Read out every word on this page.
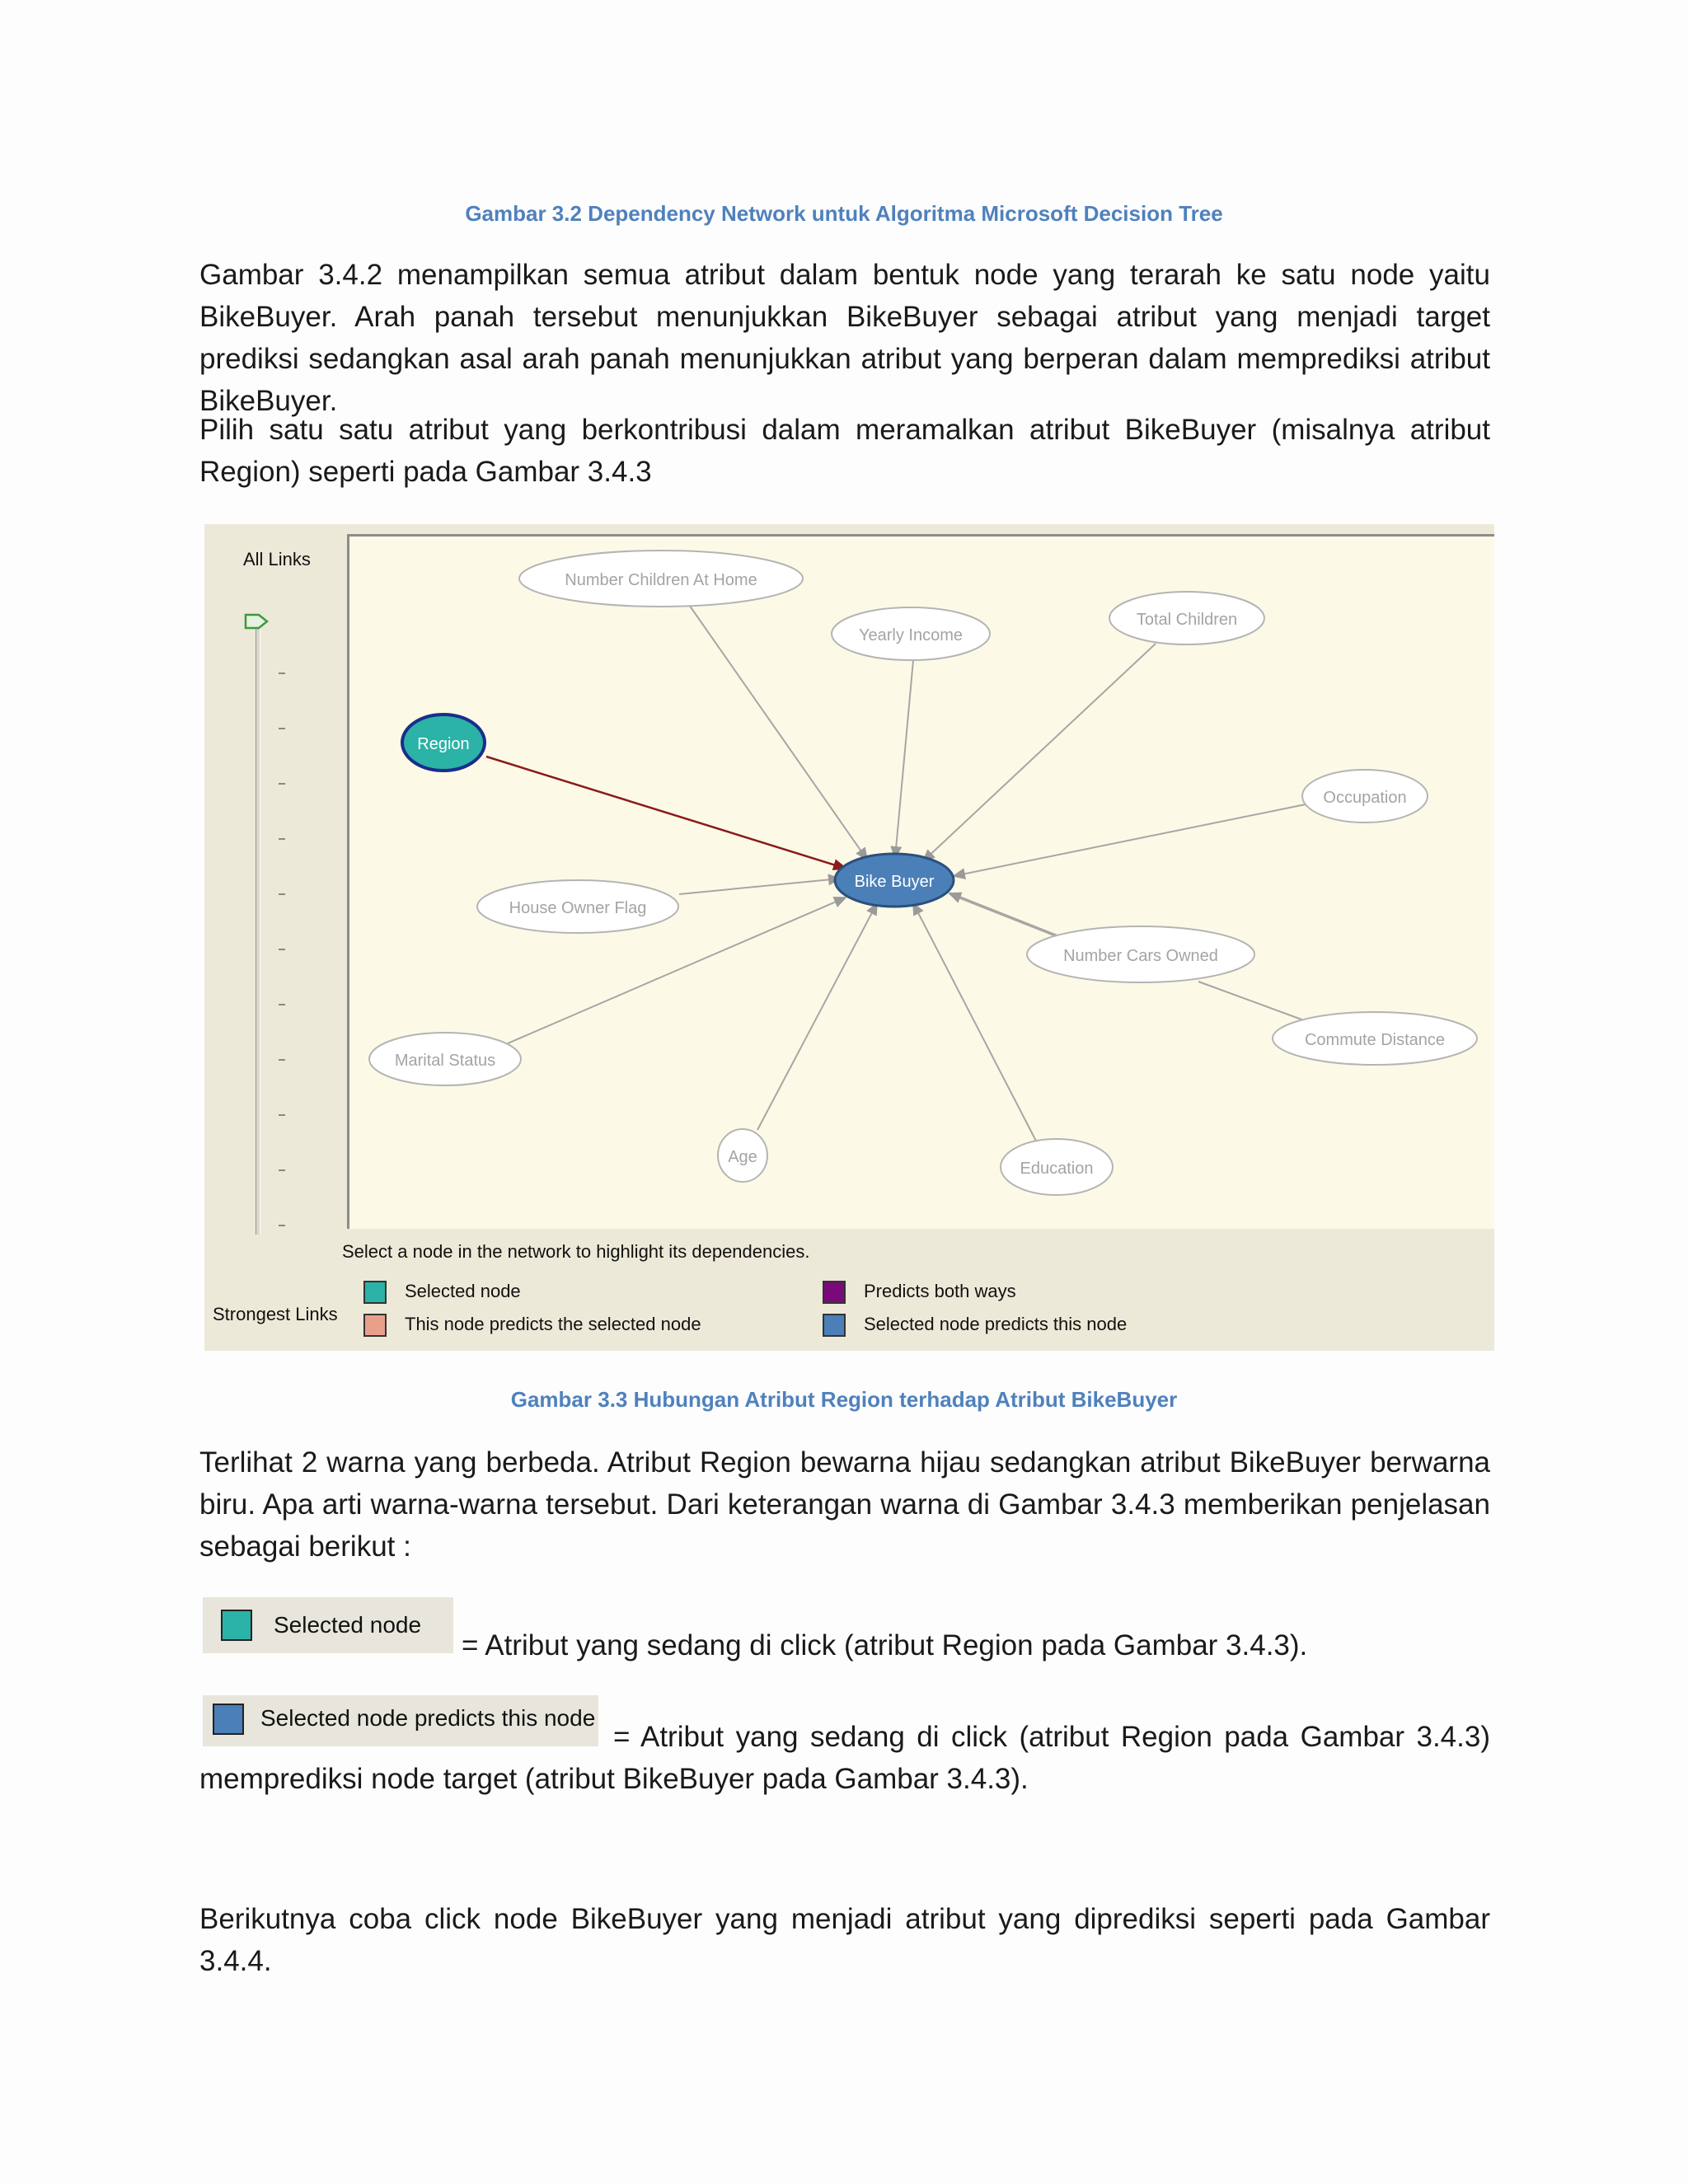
Gambar 3.2 Dependency Network untuk Algoritma Microsoft Decision Tree
Gambar 3.4.2 menampilkan semua atribut dalam bentuk node yang terarah ke satu node yaitu BikeBuyer. Arah panah tersebut menunjukkan BikeBuyer sebagai atribut yang menjadi target prediksi sedangkan asal arah panah menunjukkan atribut yang berperan dalam memprediksi atribut BikeBuyer.
Pilih satu satu atribut yang berkontribusi dalam meramalkan atribut BikeBuyer (misalnya atribut Region) seperti pada Gambar 3.4.3
All Links
Number Children At Home
Total Children
Yearly Income
Region
Occupation
Bike Buyer
House Owner Flag
Number Cars Owned
Commute Distance
Marital Status
Age
Education
Select a node in the network to highlight its dependencies.
Strongest Links
Selected node
This node predicts the selected node
Predicts both ways
Selected node predicts this node
Gambar 3.3 Hubungan Atribut Region terhadap Atribut BikeBuyer
Terlihat 2 warna yang berbeda. Atribut Region bewarna hijau sedangkan atribut BikeBuyer berwarna biru. Apa arti warna-warna tersebut. Dari keterangan warna di Gambar 3.4.3 memberikan penjelasan sebagai berikut :
Selected node
= Atribut yang sedang di click (atribut Region pada Gambar 3.4.3).
Selected node predicts this node
= Atribut yang sedang di click (atribut Region pada Gambar 3.4.3)
memprediksi node target (atribut BikeBuyer pada Gambar 3.4.3).
Berikutnya coba click node BikeBuyer yang menjadi atribut yang diprediksi seperti pada Gambar 3.4.4.
